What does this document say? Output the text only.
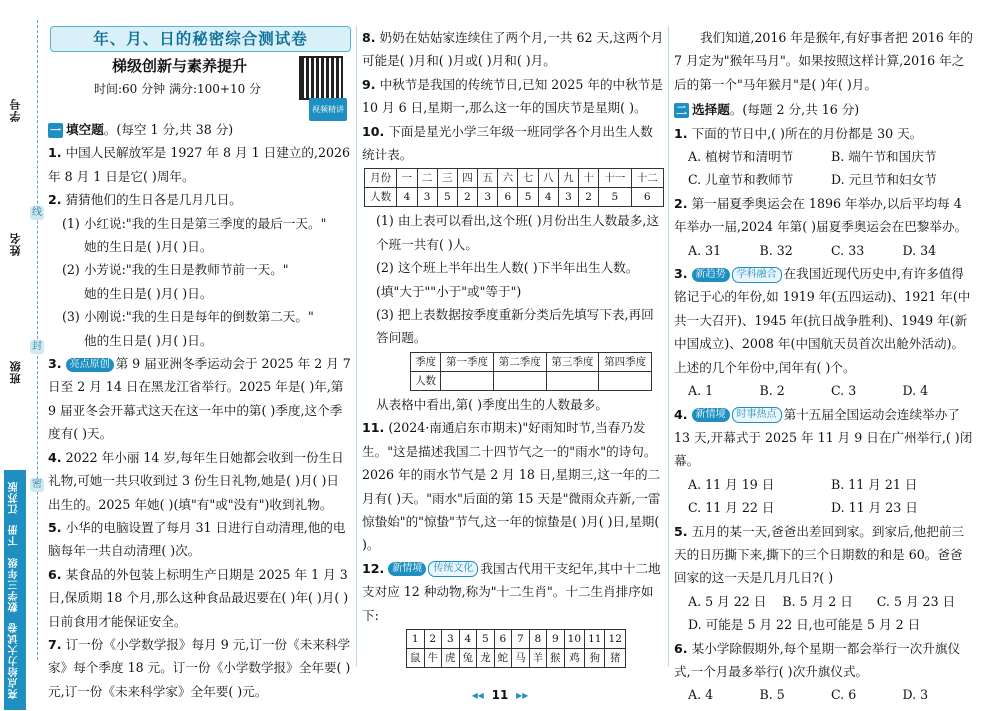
学号
姓名
班级
线
封
密
亮点给力大试卷 数学三年级 下册 江苏版
年、月、日的秘密综合测试卷
梯级创新与素养提升
时间:60 分钟 满分:100+10 分
视频精讲
一 填空题。(每空 1 分,共 38 分)

1. 中国人民解放军是 1927 年 8 月 1 日建立的,2026 年 8 月 1 日是它( )周年。

2. 猜猜他们的生日各是几月几日。

(1) 小红说:"我的生日是第三季度的最后一天。"
她的生日是( )月( )日。
(2) 小芳说:"我的生日是教师节前一天。"
她的生日是( )月( )日。
(3) 小刚说:"我的生日是每年的倒数第二天。"
他的生日是( )月( )日。

3. 亮点原创 第 9 届亚洲冬季运动会于 2025 年 2 月 7 日至 2 月 14 日在黑龙江省举行。2025 年是( )年,第 9 届亚冬会开幕式这天在这一年中的第( )季度,这个季度有( )天。

4. 2022 年小丽 14 岁,每年生日她都会收到一份生日礼物,可她一共只收到过 3 份生日礼物,她是( )月( )日出生的。2025 年她( )(填"有"或"没有")收到礼物。

5. 小华的电脑设置了每月 31 日进行自动清理,他的电脑每年一共自动清理( )次。

6. 某食品的外包装上标明生产日期是 2025 年 1 月 3 日,保质期 18 个月,那么这种食品最迟要在( )年( )月( )日前食用才能保证安全。

7. 订一份《小学数学报》每月 9 元,订一份《未来科学家》每个季度 18 元。订一份《小学数学报》全年要( )元,订一份《未来科学家》全年要( )元。

8. 奶奶在姑姑家连续住了两个月,一共 62 天,这两个月可能是( )月和( )月或( )月和( )月。

9. 中秋节是我国的传统节日,已知 2025 年的中秋节是 10 月 6 日,星期一,那么这一年的国庆节是星期( )。

10. 下面是星光小学三年级一班同学各个月出生人数统计表。

月份	一	二	三	四	五	六	七	八	九	十	十一	十二
人数	4	3	5	2	3	6	5	4	3	2	5	6
(1) 由上表可以看出,这个班( )月份出生人数最多,这个班一共有( )人。
(2) 这个班上半年出生人数( )下半年出生人数。(填"大于""小于"或"等于")
(3) 把上表数据按季度重新分类后先填写下表,再回答问题。
季度	第一季度	第二季度	第三季度	第四季度
人数				
从表格中看出,第( )季度出生的人数最多。

11. (2024·南通启东市期末)"好雨知时节,当春乃发生。"这是描述我国二十四节气之一的"雨水"的诗句。2026 年的雨水节气是 2 月 18 日,星期三,这一年的二月有( )天。"雨水"后面的第 15 天是"微雨众卉新,一雷惊蛰始"的"惊蛰"节气,这一年的惊蛰是( )月( )日,星期( )。

12. 新情境 传统文化 我国古代用干支纪年,其中十二地支对应 12 种动物,称为"十二生肖"。十二生肖排序如下:

1	2	3	4	5	6	7	8	9	10	11	12
鼠	牛	虎	兔	龙	蛇	马	羊	猴	鸡	狗	猪

我们知道,2016 年是猴年,有好事者把 2016 年的 7 月定为"猴年马月"。如果按照这样计算,2016 年之后的第一个"马年猴月"是( )年( )月。

二 选择题。(每题 2 分,共 16 分)

1. 下面的节日中,( )所在的月份都是 30 天。

A. 植树节和清明节	B. 端午节和国庆节
C. 儿童节和教师节	D. 元旦节和妇女节

2. 第一届夏季奥运会在 1896 年举办,以后平均每 4 年举办一届,2024 年第( )届夏季奥运会在巴黎举办。

A. 31	B. 32	C. 33	D. 34

3. 新趋势 学科融合 在我国近现代历史中,有许多值得铭记于心的年份,如 1919 年(五四运动)、1921 年(中共一大召开)、1945 年(抗日战争胜利)、1949 年(新中国成立)、2008 年(中国航天员首次出舱外活动)。上述的几个年份中,闰年有( )个。

A. 1	B. 2	C. 3	D. 4

4. 新情境 时事热点 第十五届全国运动会连续举办了 13 天,开幕式于 2025 年 11 月 9 日在广州举行,( )闭幕。

A. 11 月 19 日	B. 11 月 21 日
C. 11 月 22 日	D. 11 月 23 日

5. 五月的某一天,爸爸出差回到家。到家后,他把前三天的日历撕下来,撕下的三个日期数的和是 60。爸爸回家的这一天是几月几日?( )

A. 5 月 22 日	B. 5 月 2 日	C. 5 月 23 日
D. 可能是 5 月 22 日,也可能是 5 月 2 日

6. 某小学除假期外,每个星期一都会举行一次升旗仪式,一个月最多举行( )次升旗仪式。

A. 4	B. 5	C. 6	D. 3
◂◂ 11 ▸▸
